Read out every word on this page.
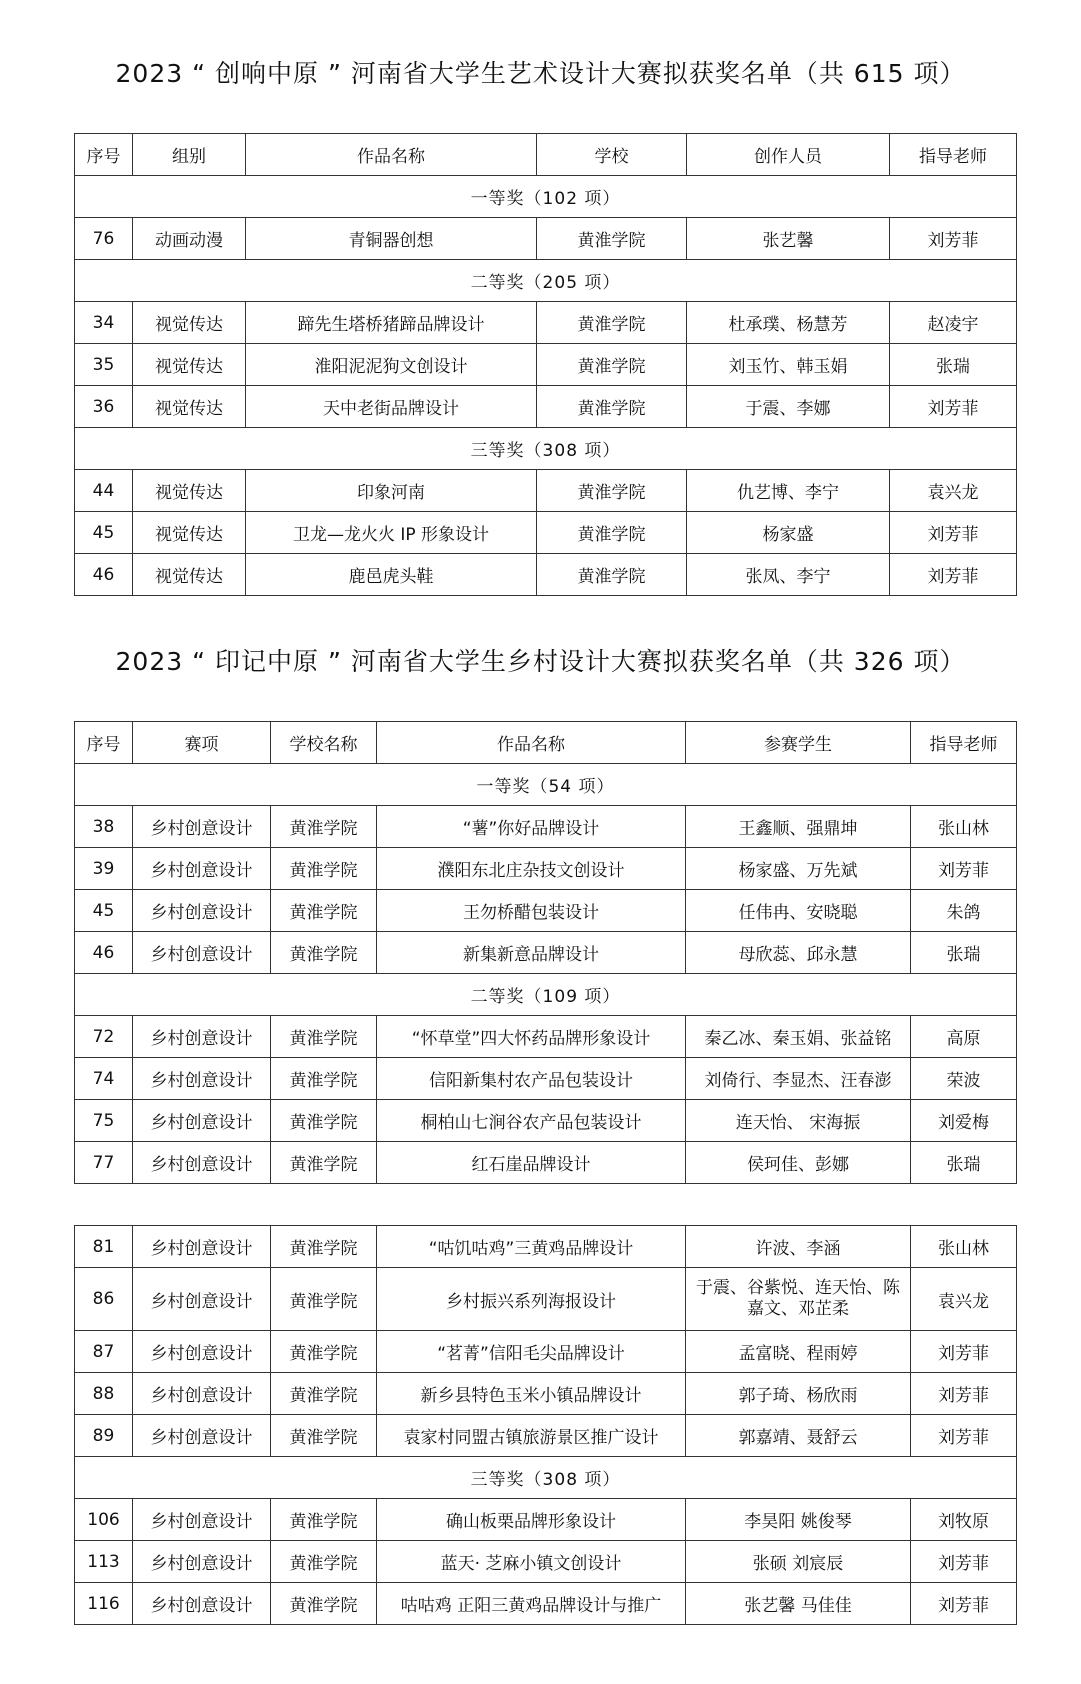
2023 “ 创响中原 ” 河南省大学生艺术设计大赛拟获奖名单（共 615 项）
序号	组别	作品名称	学校	创作人员	指导老师
一等奖（102 项）					
76	动画动漫	青铜器创想	黄淮学院	张艺馨	刘芳菲
二等奖（205 项）					
34	视觉传达	蹄先生塔桥猪蹄品牌设计	黄淮学院	杜承璞、杨慧芳	赵凌宇
35	视觉传达	淮阳泥泥狗文创设计	黄淮学院	刘玉竹、韩玉娟	张瑞
36	视觉传达	天中老街品牌设计	黄淮学院	于震、李娜	刘芳菲
三等奖（308 项）					
44	视觉传达	印象河南	黄淮学院	仇艺博、李宁	袁兴龙
45	视觉传达	卫龙—龙火火 IP 形象设计	黄淮学院	杨家盛	刘芳菲
46	视觉传达	鹿邑虎头鞋	黄淮学院	张凤、李宁	刘芳菲
2023 “ 印记中原 ” 河南省大学生乡村设计大赛拟获奖名单（共 326 项）
序号	赛项	学校名称	作品名称	参赛学生	指导老师
一等奖（54 项）					
38	乡村创意设计	黄淮学院	“薯”你好品牌设计	王鑫顺、强鼎坤	张山林
39	乡村创意设计	黄淮学院	濮阳东北庄杂技文创设计	杨家盛、万先斌	刘芳菲
45	乡村创意设计	黄淮学院	王勿桥醋包装设计	任伟冉、安晓聪	朱鸽
46	乡村创意设计	黄淮学院	新集新意品牌设计	母欣蕊、邱永慧	张瑞
二等奖（109 项）					
72	乡村创意设计	黄淮学院	“怀草堂”四大怀药品牌形象设计	秦乙冰、秦玉娟、张益铭	高原
74	乡村创意设计	黄淮学院	信阳新集村农产品包装设计	刘倚行、李显杰、汪春澎	荣波
75	乡村创意设计	黄淮学院	桐柏山七涧谷农产品包装设计	连天怡、 宋海振	刘爱梅
77	乡村创意设计	黄淮学院	红石崖品牌设计	侯珂佳、彭娜	张瑞
81	乡村创意设计	黄淮学院	“咕饥咕鸡”三黄鸡品牌设计	许波、李涵	张山林
86	乡村创意设计	黄淮学院	乡村振兴系列海报设计	于震、谷紫悦、连天怡、陈嘉文、邓芷柔	袁兴龙
87	乡村创意设计	黄淮学院	“茗菁”信阳毛尖品牌设计	孟富晓、程雨婷	刘芳菲
88	乡村创意设计	黄淮学院	新乡县特色玉米小镇品牌设计	郭子琦、杨欣雨	刘芳菲
89	乡村创意设计	黄淮学院	袁家村同盟古镇旅游景区推广设计	郭嘉靖、聂舒云	刘芳菲
三等奖（308 项）					
106	乡村创意设计	黄淮学院	确山板栗品牌形象设计	李昊阳 姚俊琴	刘牧原
113	乡村创意设计	黄淮学院	蓝天· 芝麻小镇文创设计	张硕 刘宸辰	刘芳菲
116	乡村创意设计	黄淮学院	咕咕鸡 正阳三黄鸡品牌设计与推广	张艺馨 马佳佳	刘芳菲
